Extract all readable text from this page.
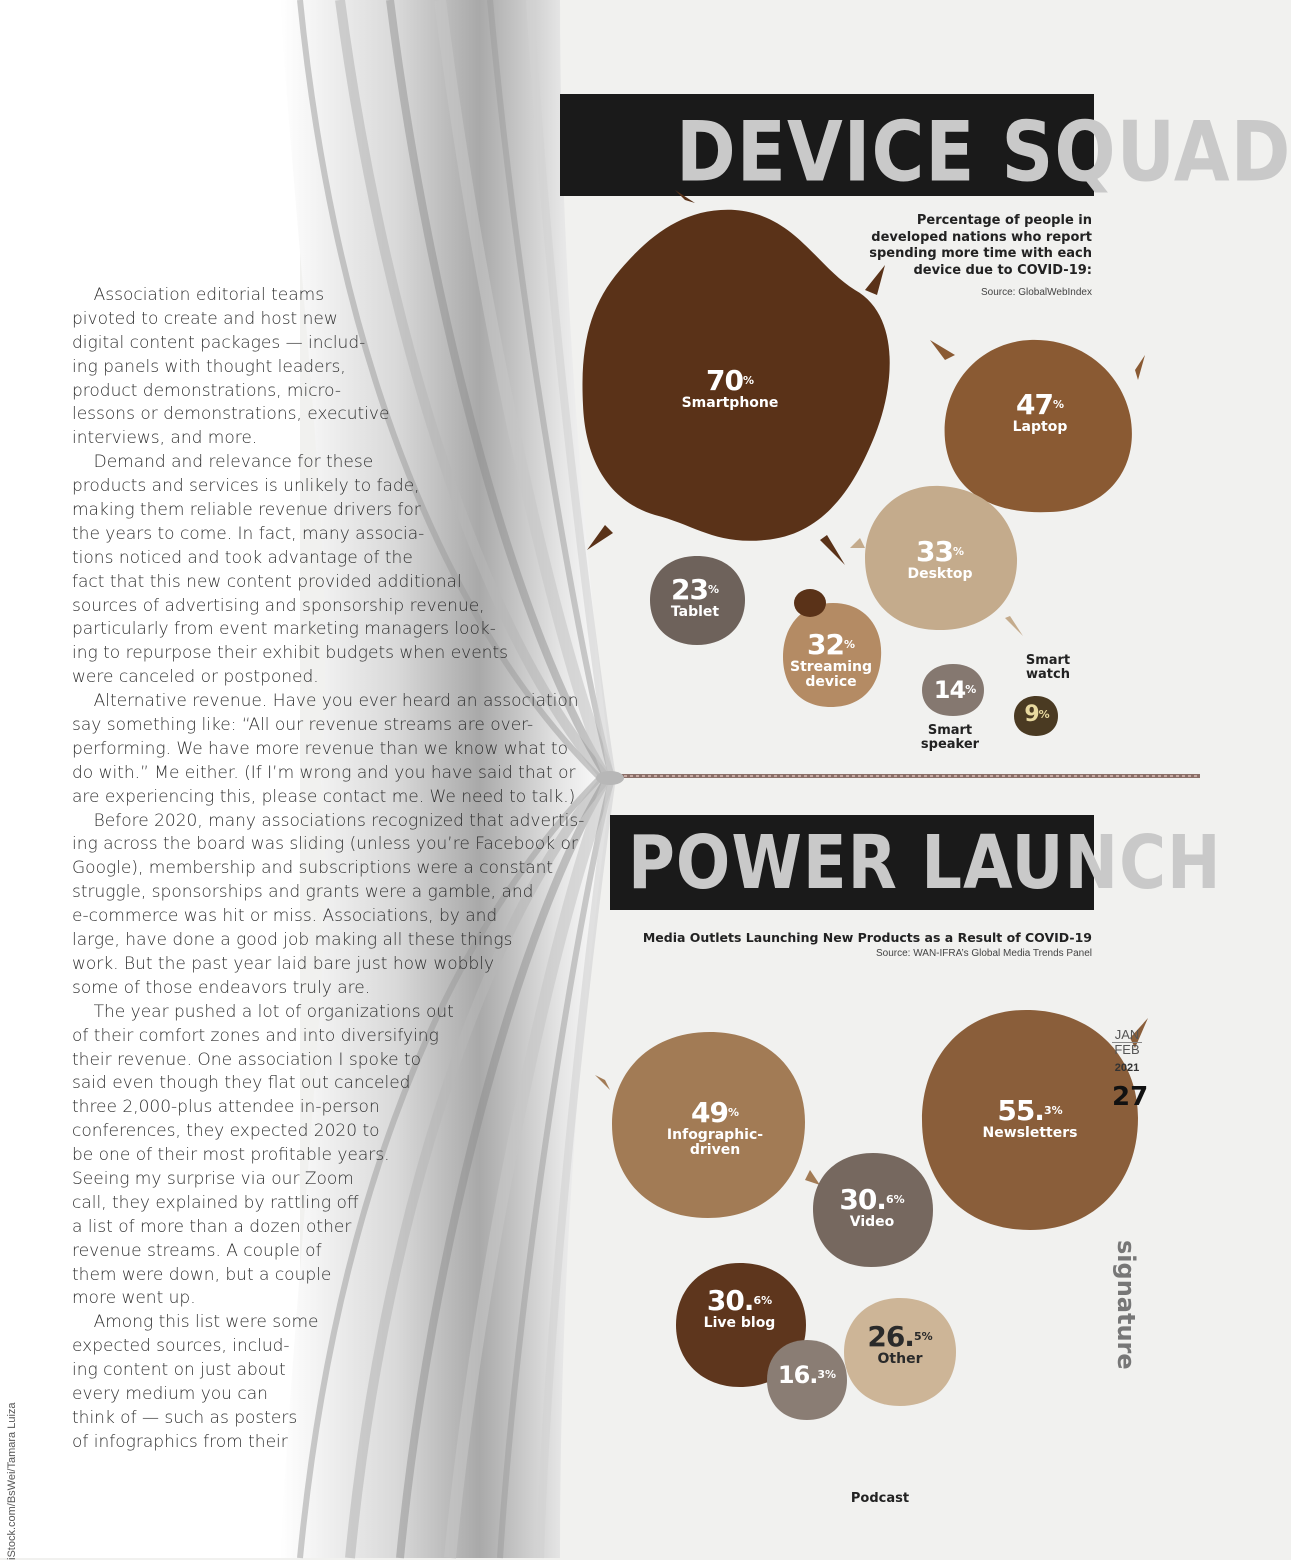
Association editorial teams
pivoted to create and host new
digital content packages — includ-
ing panels with thought leaders,
product demonstrations, micro-
lessons or demonstrations, executive
interviews, and more.
Demand and relevance for these
products and services is unlikely to fade,
making them reliable revenue drivers for
the years to come. In fact, many associa-
tions noticed and took advantage of the
fact that this new content provided additional
sources of advertising and sponsorship revenue,
particularly from event marketing managers look-
ing to repurpose their exhibit budgets when events
were canceled or postponed.
Alternative revenue. Have you ever heard an association
say something like: “All our revenue streams are over-
performing. We have more revenue than we know what to
do with.” Me either. (If I’m wrong and you have said that or
are experiencing this, please contact me. We need to talk.)
Before 2020, many associations recognized that advertis-
ing across the board was sliding (unless you’re Facebook or
Google), membership and subscriptions were a constant
struggle, sponsorships and grants were a gamble, and
e-commerce was hit or miss. Associations, by and
large, have done a good job making all these things
work. But the past year laid bare just how wobbly
some of those endeavors truly are.
The year pushed a lot of organizations out
of their comfort zones and into diversifying
their revenue. One association I spoke to
said even though they flat out canceled
three 2,000-plus attendee in-person
conferences, they expected 2020 to
be one of their most profitable years.
Seeing my surprise via our Zoom
call, they explained by rattling off
a list of more than a dozen other
revenue streams. A couple of
them were down, but a couple
more went up.
Among this list were some
expected sources, includ-
ing content on just about
every medium you can
think of — such as posters
of infographics from their
iStock.com/BsWei/Tamara Luiza
DEVICE SQUAD
Percentage of people in
developed nations who report
spending more time with each
device due to COVID-19:
Source: GlobalWebIndex
70%
Smartphone	47%
Laptop
33%
Desktop
23%
Tablet
32%
Streaming
device	14%
Smart
speaker
9%
Smart
watch
POWER LAUNCH
Media Outlets Launching New Products as a Result of COVID-19
Source: WAN-IFRA’s Global Media Trends Panel
49%
Infographic-
driven
55.$^{3\%}$
Newsletters
30.$^{6\%}$
Video
30.$^{6\%}$
Live blog	26.$^{5\%}$
Other
16.$^{3\%}$
Podcast
signature
JAN
FEB
2021
27
